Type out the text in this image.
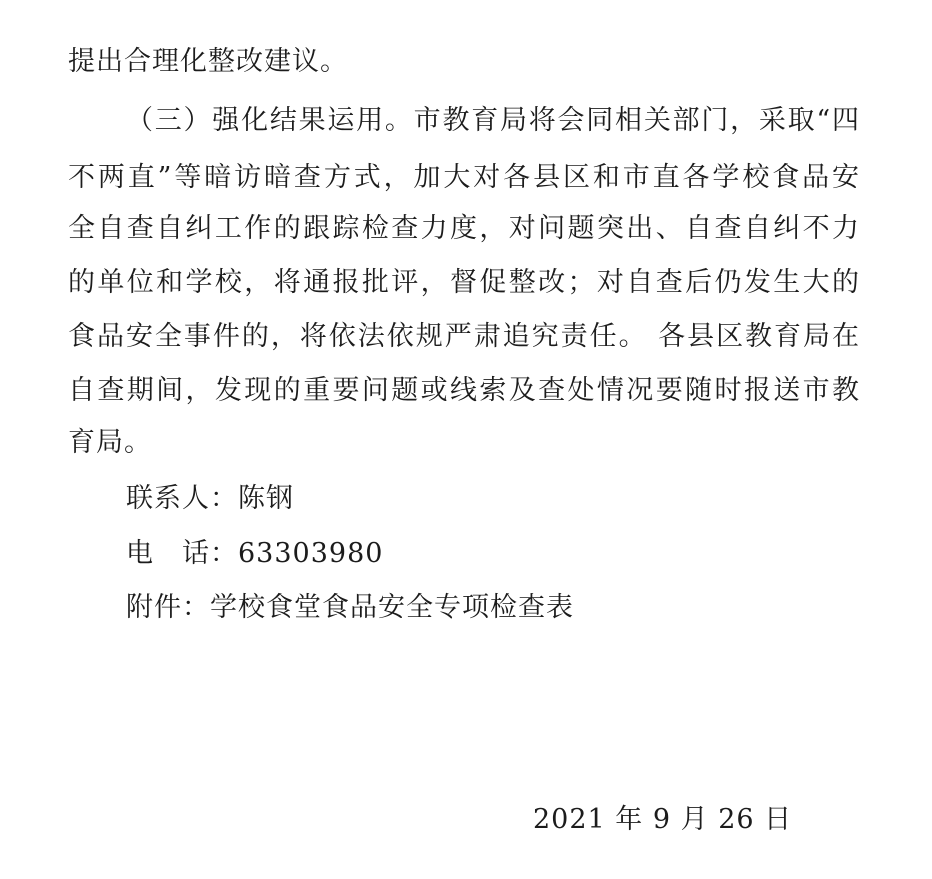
提出合理化整改建议。
（三）强化结果运用。市教育局将会同相关部门，采取“四
不两直”等暗访暗查方式，加大对各县区和市直各学校食品安
全自查自纠工作的跟踪检查力度，对问题突出、自查自纠不力
的单位和学校，将通报批评，督促整改；对自查后仍发生大的
食品安全事件的，将依法依规严肃追究责任。 各县区教育局在
自查期间，发现的重要问题或线索及查处情况要随时报送市教
育局。
联系人：陈钢
电　话：63303980
附件：学校食堂食品安全专项检查表
2021 年 9 月 26 日
